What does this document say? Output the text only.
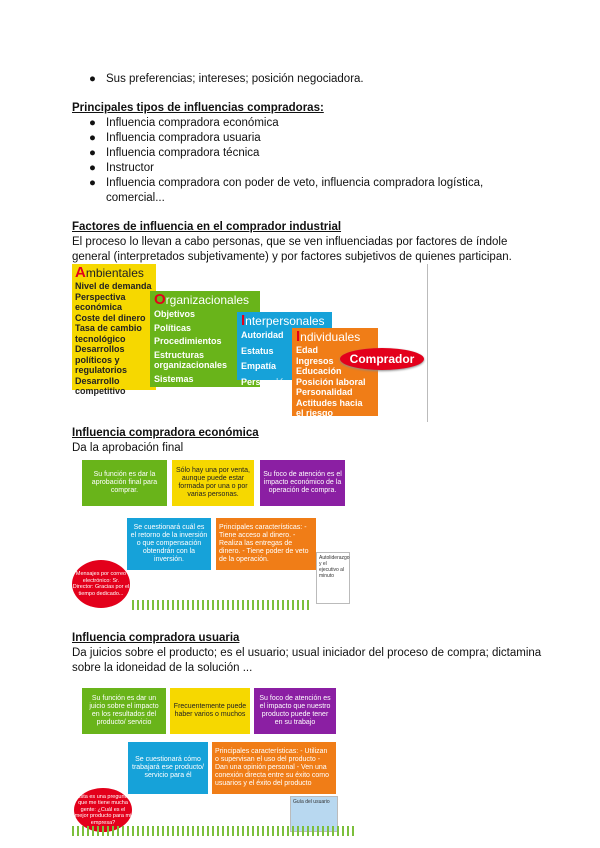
● Sus preferencias; intereses; posición negociadora.
Principales tipos de influencias compradoras:
● Influencia compradora económica
● Influencia compradora usuaria
● Influencia compradora técnica
● Instructor
● Influencia compradora con poder de veto, influencia compradora logística,
comercial...
Factores de influencia en el comprador industrial
El proceso lo llevan a cabo personas, que se ven influenciadas por factores de índole
general (interpretados subjetivamente) y por factores subjetivos de quienes participan.
Ambientales
Nivel de demanda
Perspectiva
económica
Coste del dinero
Tasa de cambio
tecnológico
Desarrollos
políticos y
regulatorios
Desarrollo
competitivo
Organizacionales
Objetivos
Políticas
Procedimientos
Estructuras
organizacionales
Sistemas
Interpersonales
Autoridad
Estatus
Empatía
Persuasión
Individuales
Edad
Ingresos
Educación
Posición laboral
Personalidad
Actitudes hacia
el riesgo
Comprador
Influencia compradora económica
Da la aprobación final
Su función es dar la aprobación final para comprar.
Sólo hay una por venta, aunque puede estar formada por una o por varias personas.
Su foco de atención es el impacto económico de la operación de compra.
Se cuestionará cuál es el retorno de la inversión o que compensación obtendrán con la inversión.
Principales características: - Tiene acceso al dinero. - Realiza las entregas de dinero. - Tiene poder de veto de la operación.
Mensajes por correo electrónico: Sr. Director: Gracias por el tiempo dedicado...
Autoliderazgo y el ejecutivo al minuto
Influencia compradora usuaria
Da juicios sobre el producto; es el usuario; usual iniciador del proceso de compra; dictamina
sobre la idoneidad de la solución ...
Su función es dar un juicio sobre el impacto en los resultados del producto/ servicio
Frecuentemente puede haber varios o muchos
Su foco de atención es el impacto que nuestro producto puede tener en su trabajo
Se cuestionará cómo trabajará ese producto/ servicio para él
Principales características: - Utilizan o supervisan el uso del producto - Dan una opinión personal - Ven una conexión directa entre su éxito como usuarios y el éxito del producto
Esta es una pregunta que me tiene mucha gente: ¿Cuál es el mejor producto para mi empresa?
Guía del usuario
